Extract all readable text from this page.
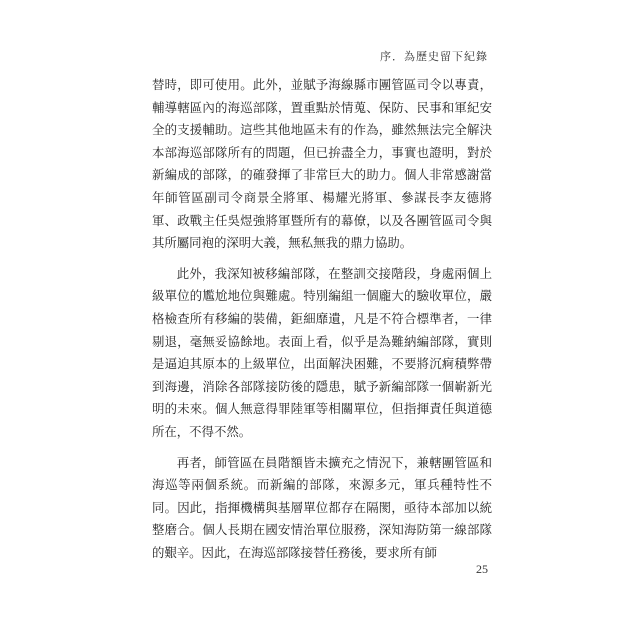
序．為歷史留下紀錄

替時，即可使用。此外，並賦予海線縣市團管區司令以專責，輔導轄區內的海巡部隊，置重點於情蒐、保防、民事和軍紀安全的支援輔助。這些其他地區未有的作為，雖然無法完全解決本部海巡部隊所有的問題，但已拚盡全力，事實也證明，對於新編成的部隊，的確發揮了非常巨大的助力。個人非常感謝當年師管區副司令商景全將軍、楊耀光將軍、參謀長李友德將軍、政戰主任吳煜強將軍暨所有的幕僚，以及各團管區司令與其所屬同袍的深明大義，無私無我的鼎力協助。

此外，我深知被移編部隊，在整訓交接階段，身處兩個上級單位的尷尬地位與難處。特別編組一個龐大的驗收單位，嚴格檢查所有移編的裝備，鉅細靡遺，凡是不符合標準者，一律剔退，毫無妥協餘地。表面上看，似乎是為難納編部隊，實則是逼迫其原本的上級單位，出面解決困難，不要將沉痾積弊帶到海邊，消除各部隊接防後的隱患，賦予新編部隊一個嶄新光明的未來。個人無意得罪陸軍等相關單位，但指揮責任與道德所在，不得不然。

再者，師管區在員階額皆未擴充之情況下，兼轄團管區和海巡等兩個系統。而新編的部隊，來源多元，軍兵種特性不同。因此，指揮機構與基層單位都存在隔閡，亟待本部加以統整磨合。個人長期在國安情治單位服務，深知海防第一線部隊的艱辛。因此，在海巡部隊接替任務後，要求所有師

25
